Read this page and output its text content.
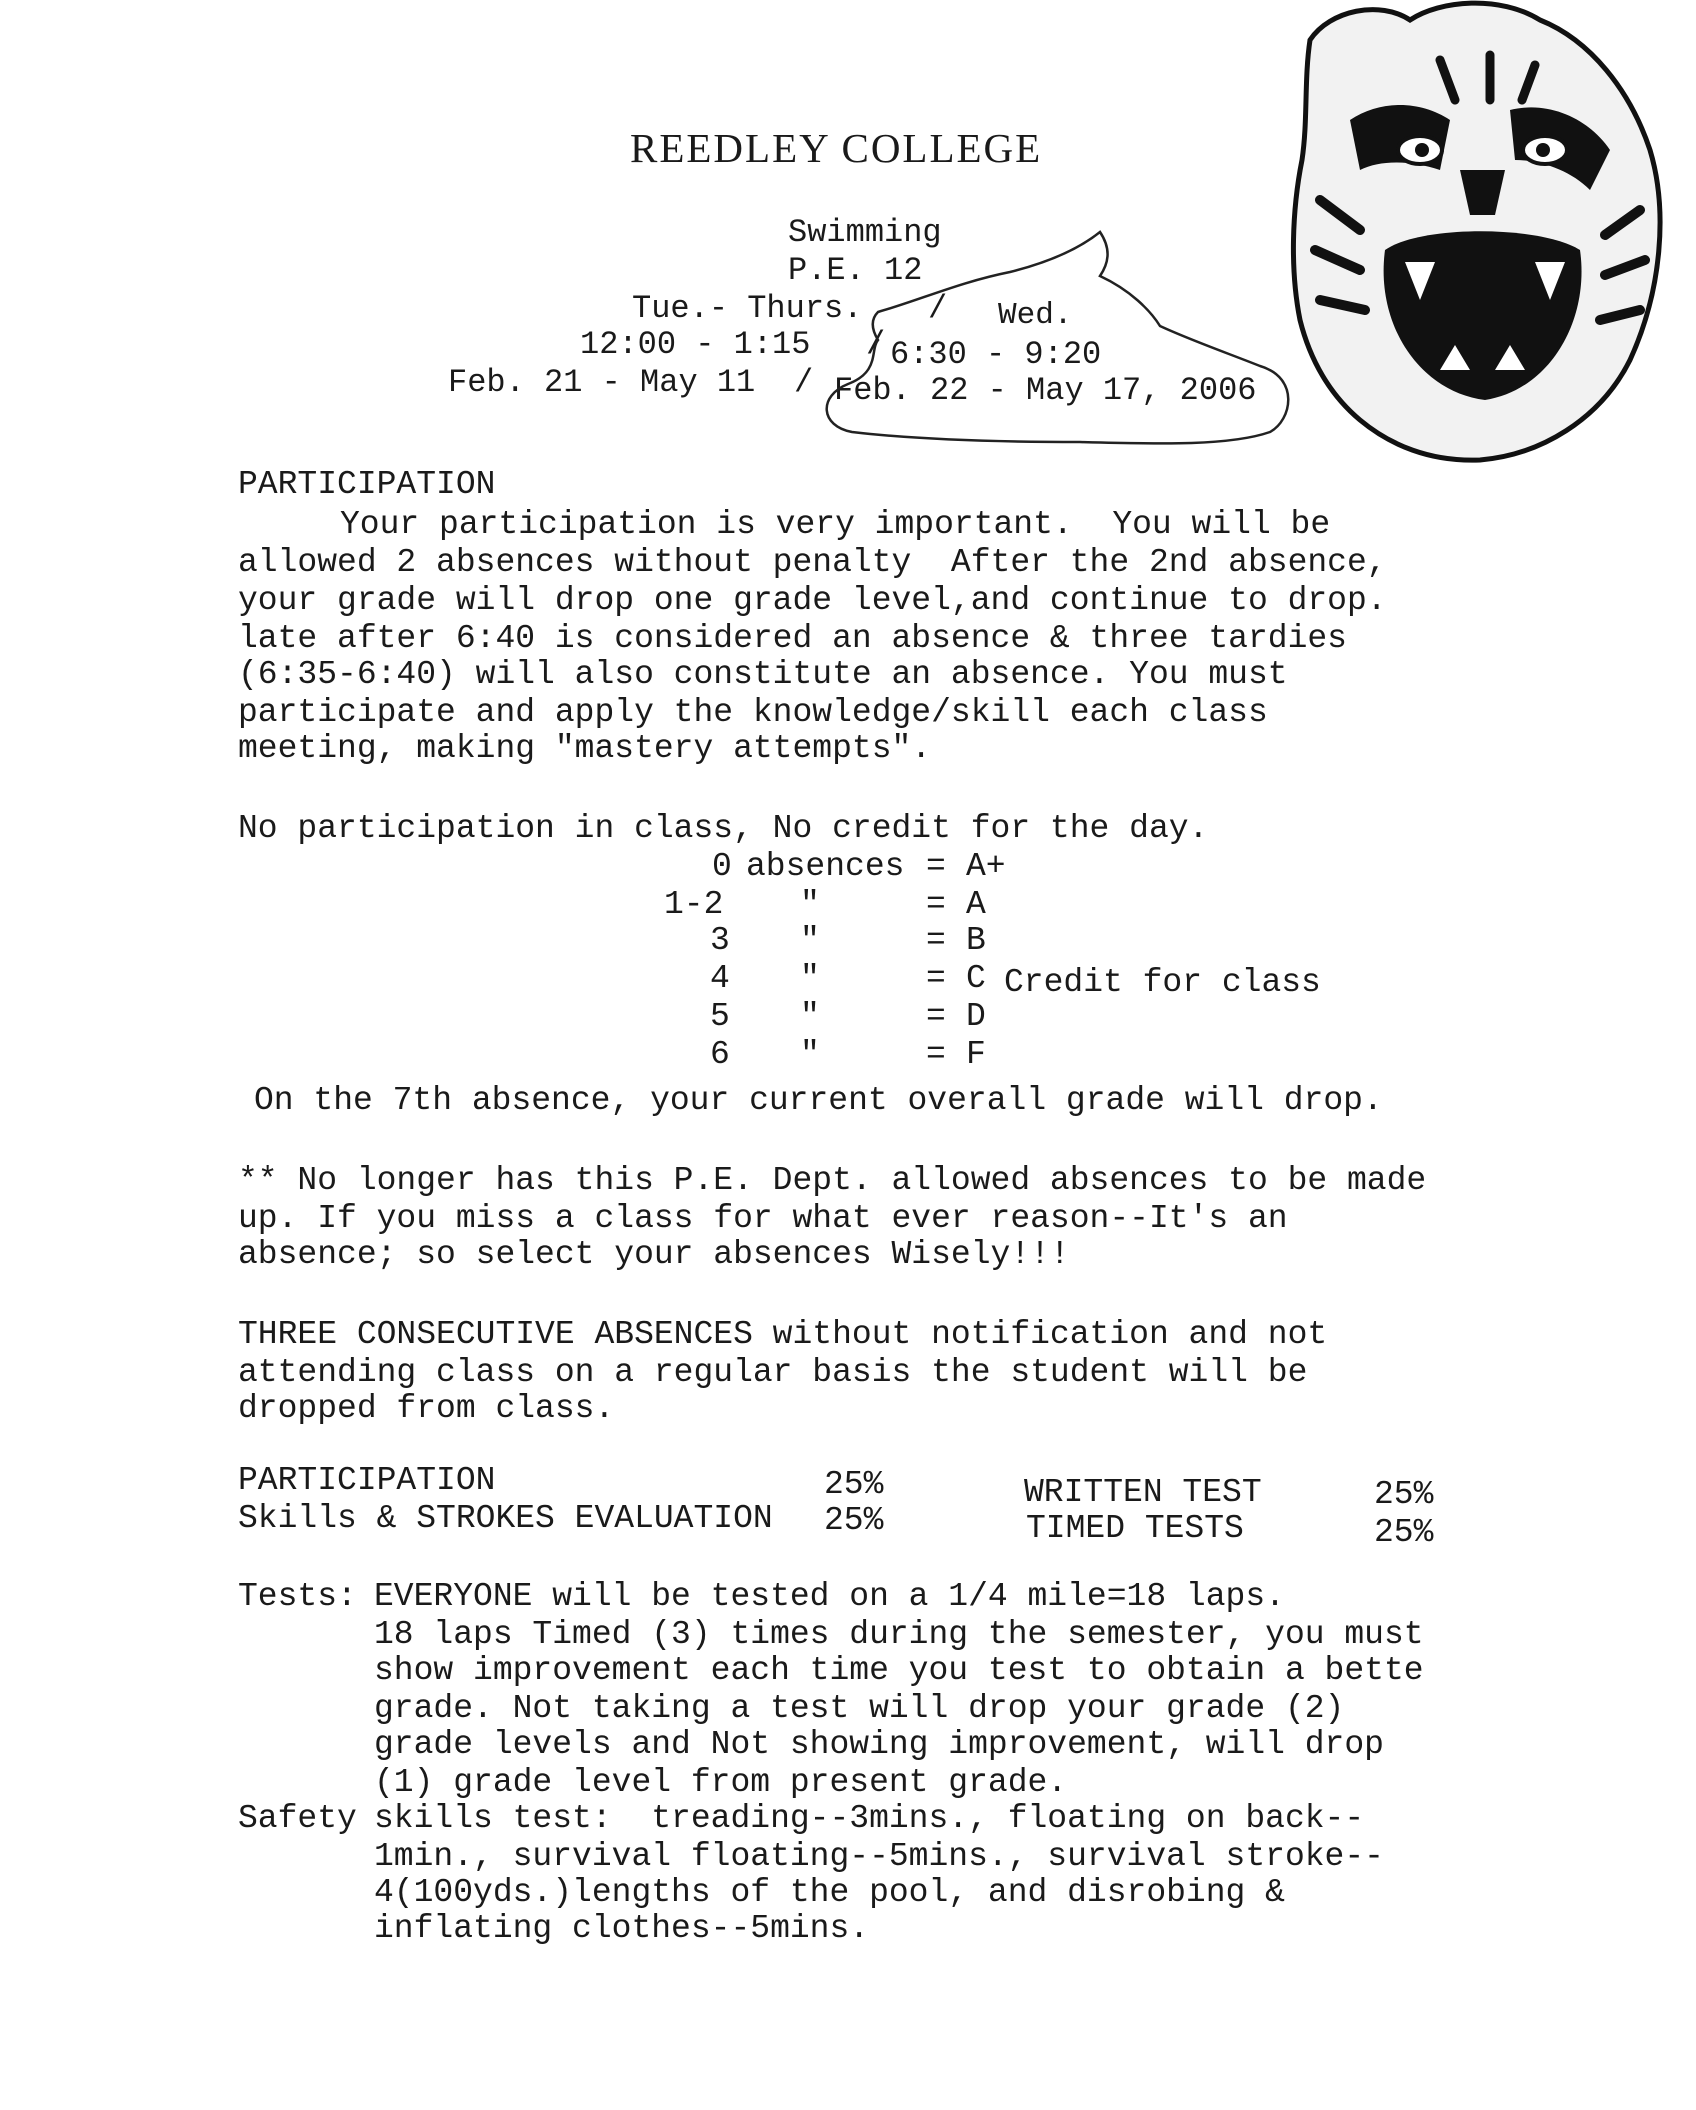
REEDLEY COLLEGE
Swimming
P.E. 12
Tue.- Thurs. / Wed.
12:00 - 1:15 / 6:30 - 9:20
Feb. 21 - May 11 / Feb. 22 - May 17, 2006
PARTICIPATION
Your participation is very important.  You will be
allowed 2 absences without penalty  After the 2nd absence,
your grade will drop one grade level,and continue to drop.
late after 6:40 is considered an absence & three tardies
(6:35-6:40) will also constitute an absence. You must
participate and apply the knowledge/skill each class
meeting, making "mastery attempts".
No participation in class, No credit for the day.
0 absences = A+
1-2 "	= A
3 "	= B
4 "	= C Credit for class
5 "	= D
6 "	= F
On the 7th absence, your current overall grade will drop.
** No longer has this P.E. Dept. allowed absences to be made
up. If you miss a class for what ever reason--It's an
absence; so select your absences Wisely!!!
THREE CONSECUTIVE ABSENCES without notification and not
attending class on a regular basis the student will be
dropped from class.
PARTICIPATION	25%
Skills & STROKES EVALUATION 25%
WRITTEN TEST	25%
TIMED TESTS	25%
Tests: EVERYONE will be tested on a 1/4 mile=18 laps.
18 laps Timed (3) times during the semester, you must
show improvement each time you test to obtain a bette
grade. Not taking a test will drop your grade (2)
grade levels and Not showing improvement, will drop
(1) grade level from present grade.
Safety skills test:  treading--3mins., floating on back--
1min., survival floating--5mins., survival stroke--
4(100yds.)lengths of the pool, and disrobing &
inflating clothes--5mins.
